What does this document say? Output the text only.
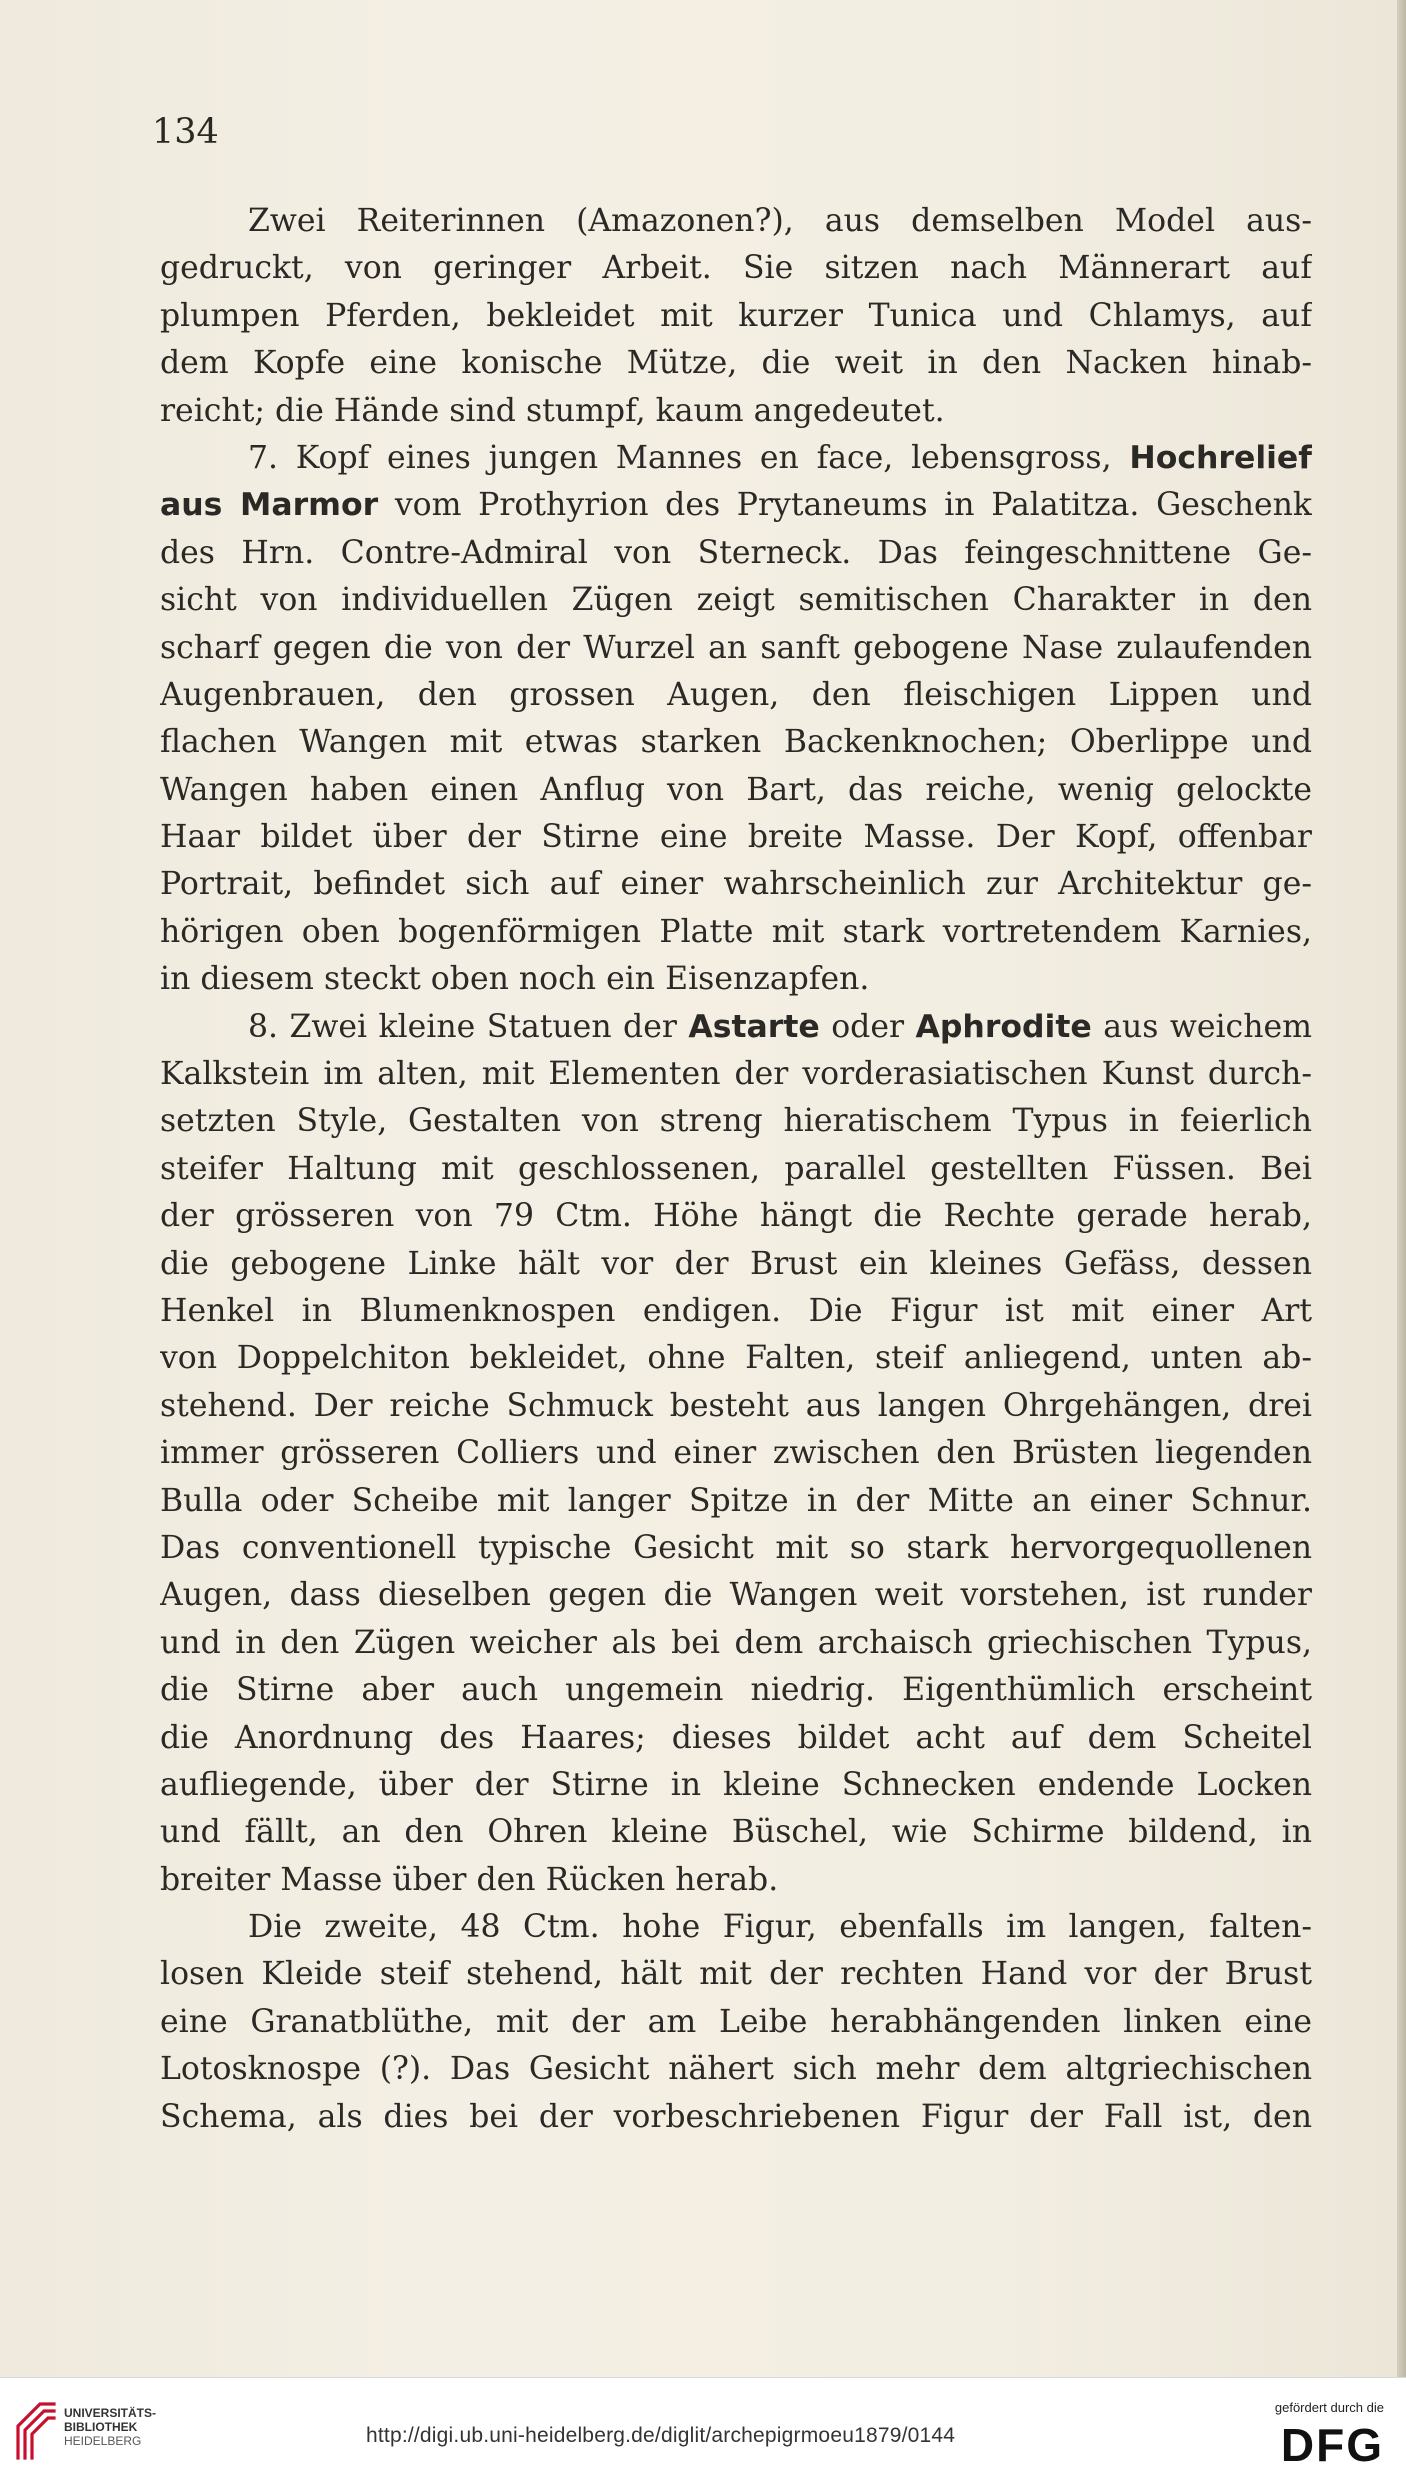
134
Zwei Reiterinnen (Amazonen?), aus demselben Model aus-
gedruckt, von geringer Arbeit. Sie sitzen nach Männerart auf
plumpen Pferden, bekleidet mit kurzer Tunica und Chlamys, auf
dem Kopfe eine konische Mütze, die weit in den Nacken hinab-
reicht; die Hände sind stumpf, kaum angedeutet.
7. Kopf eines jungen Mannes en face, lebensgross, Hochrelief
aus Marmor vom Prothyrion des Prytaneums in Palatitza. Geschenk
des Hrn. Contre-Admiral von Sterneck. Das feingeschnittene Ge-
sicht von individuellen Zügen zeigt semitischen Charakter in den
scharf gegen die von der Wurzel an sanft gebogene Nase zulaufenden
Augenbrauen, den grossen Augen, den fleischigen Lippen und
flachen Wangen mit etwas starken Backenknochen; Oberlippe und
Wangen haben einen Anflug von Bart, das reiche, wenig gelockte
Haar bildet über der Stirne eine breite Masse. Der Kopf, offenbar
Portrait, befindet sich auf einer wahrscheinlich zur Architektur ge-
hörigen oben bogenförmigen Platte mit stark vortretendem Karnies,
in diesem steckt oben noch ein Eisenzapfen.
8. Zwei kleine Statuen der Astarte oder Aphrodite aus weichem
Kalkstein im alten, mit Elementen der vorderasiatischen Kunst durch-
setzten Style, Gestalten von streng hieratischem Typus in feierlich
steifer Haltung mit geschlossenen, parallel gestellten Füssen. Bei
der grösseren von 79 Ctm. Höhe hängt die Rechte gerade herab,
die gebogene Linke hält vor der Brust ein kleines Gefäss, dessen
Henkel in Blumenknospen endigen. Die Figur ist mit einer Art
von Doppelchiton bekleidet, ohne Falten, steif anliegend, unten ab-
stehend. Der reiche Schmuck besteht aus langen Ohrgehängen, drei
immer grösseren Colliers und einer zwischen den Brüsten liegenden
Bulla oder Scheibe mit langer Spitze in der Mitte an einer Schnur.
Das conventionell typische Gesicht mit so stark hervorgequollenen
Augen, dass dieselben gegen die Wangen weit vorstehen, ist runder
und in den Zügen weicher als bei dem archaisch griechischen Typus,
die Stirne aber auch ungemein niedrig. Eigenthümlich erscheint
die Anordnung des Haares; dieses bildet acht auf dem Scheitel
aufliegende, über der Stirne in kleine Schnecken endende Locken
und fällt, an den Ohren kleine Büschel, wie Schirme bildend, in
breiter Masse über den Rücken herab.
Die zweite, 48 Ctm. hohe Figur, ebenfalls im langen, falten-
losen Kleide steif stehend, hält mit der rechten Hand vor der Brust
eine Granatblüthe, mit der am Leibe herabhängenden linken eine
Lotosknospe (?). Das Gesicht nähert sich mehr dem altgriechischen
Schema, als dies bei der vorbeschriebenen Figur der Fall ist, den
UNIVERSITÄTS-
BIBLIOTHEK
HEIDELBERG	http://digi.ub.uni-heidelberg.de/diglit/archepigrmoeu1879/0144
gefördert durch die
DFG
